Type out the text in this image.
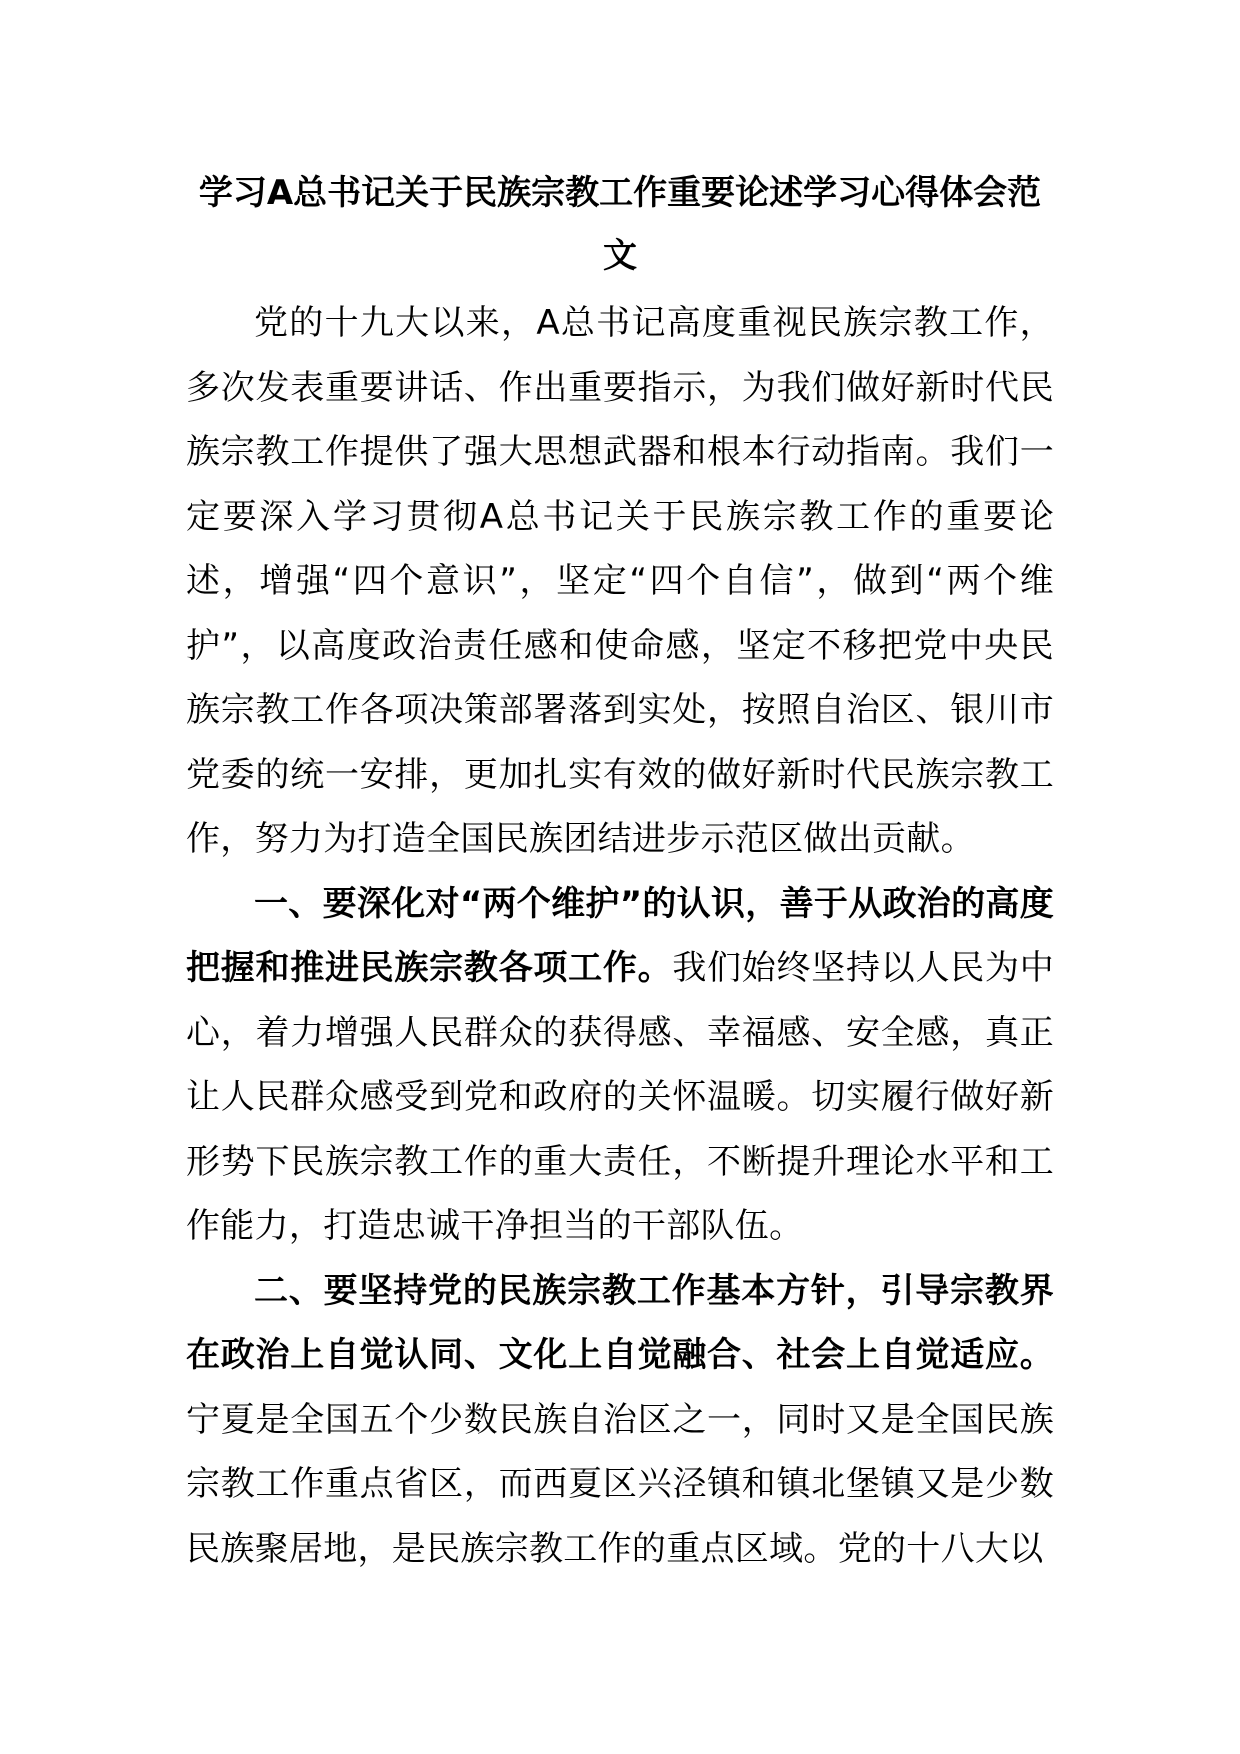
学习A总书记关于民族宗教工作重要论述学习心得体会范文

党的十九大以来，A总书记高度重视民族宗教工作，多次发表重要讲话、作出重要指示，为我们做好新时代民族宗教工作提供了强大思想武器和根本行动指南。我们一定要深入学习贯彻A总书记关于民族宗教工作的重要论述，增强“四个意识”，坚定“四个自信”，做到“两个维护”，以高度政治责任感和使命感，坚定不移把党中央民族宗教工作各项决策部署落到实处，按照自治区、银川市党委的统一安排，更加扎实有效的做好新时代民族宗教工作，努力为打造全国民族团结进步示范区做出贡献。

一、要深化对“两个维护”的认识，善于从政治的高度把握和推进民族宗教各项工作。我们始终坚持以人民为中心，着力增强人民群众的获得感、幸福感、安全感，真正让人民群众感受到党和政府的关怀温暖。切实履行做好新形势下民族宗教工作的重大责任，不断提升理论水平和工作能力，打造忠诚干净担当的干部队伍。

二、要坚持党的民族宗教工作基本方针，引导宗教界在政治上自觉认同、文化上自觉融合、社会上自觉适应。宁夏是全国五个少数民族自治区之一，同时又是全国民族宗教工作重点省区，而西夏区兴泾镇和镇北堡镇又是少数民族聚居地，是民族宗教工作的重点区域。党的十八大以
